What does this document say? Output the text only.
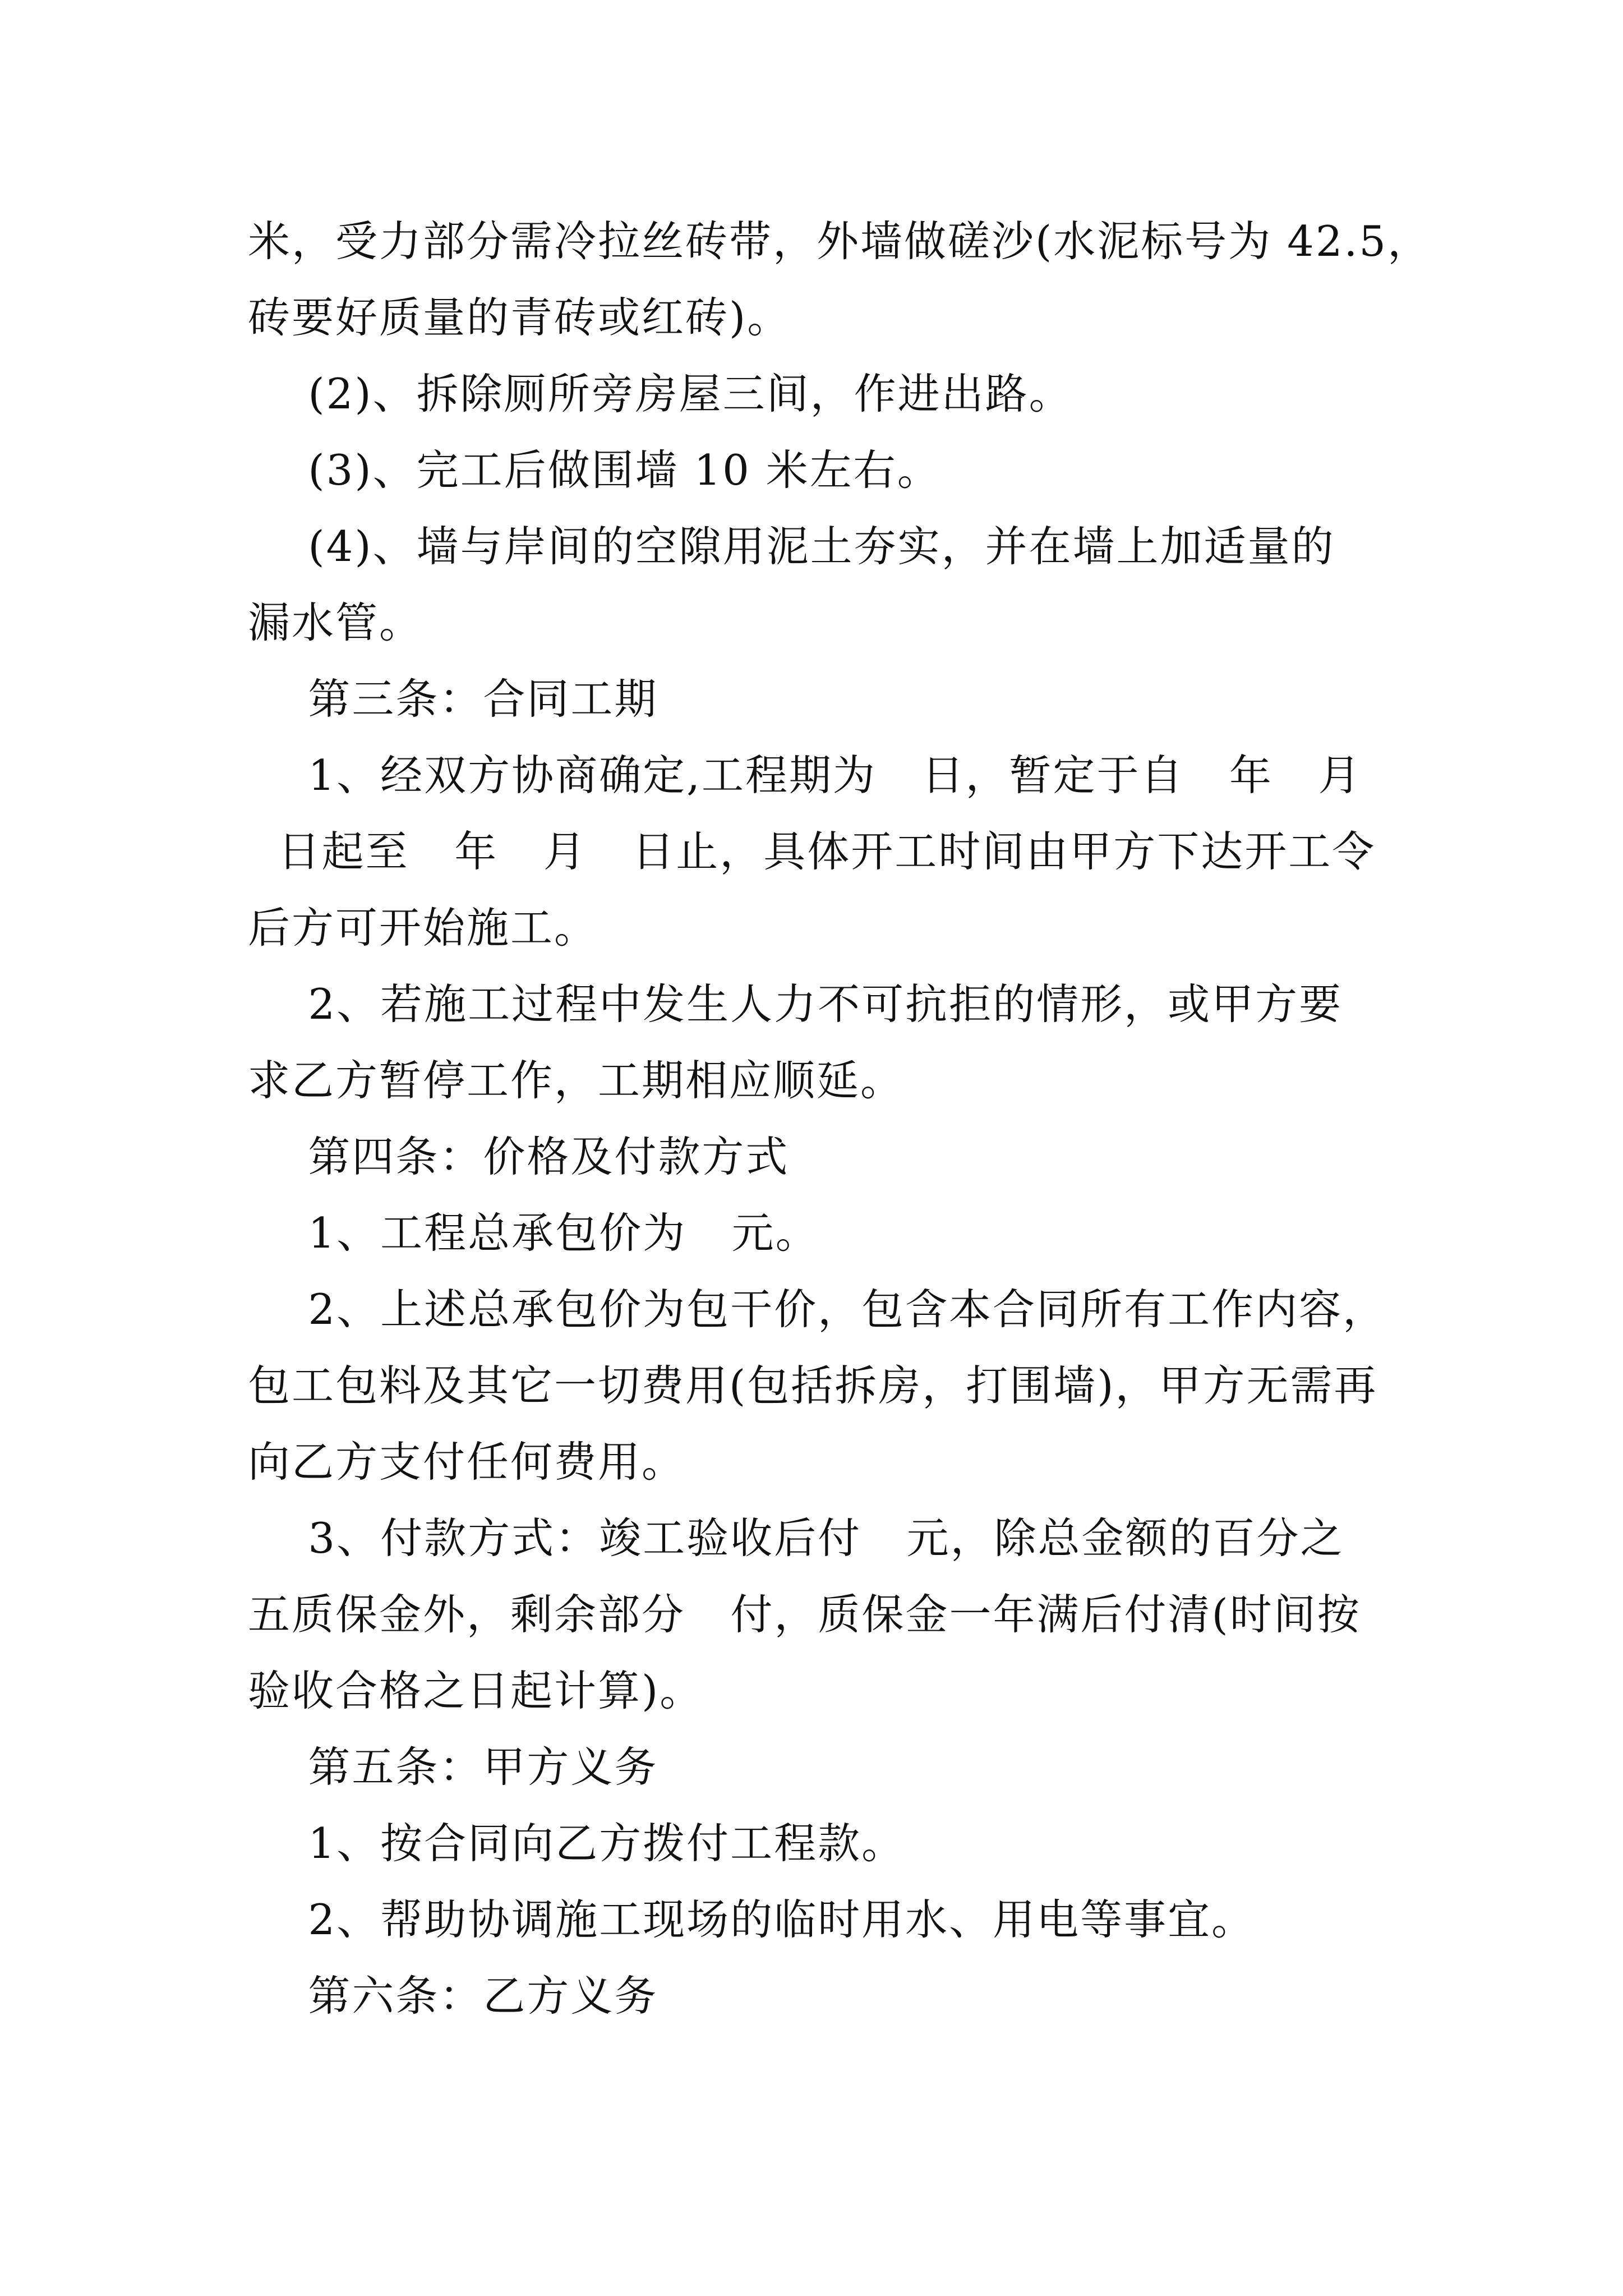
米，受力部分需冷拉丝砖带，外墙做磋沙(水泥标号为 42.5，
砖要好质量的青砖或红砖)。
(2)、拆除厕所旁房屋三间，作进出路。
(3)、完工后做围墙 10 米左右。
(4)、墙与岸间的空隙用泥土夯实，并在墙上加适量的
漏水管。
第三条：合同工期
1、经双方协商确定,工程期为   日，暂定于自   年   月
日起至   年   月   日止，具体开工时间由甲方下达开工令
后方可开始施工。
2、若施工过程中发生人力不可抗拒的情形，或甲方要
求乙方暂停工作，工期相应顺延。
第四条：价格及付款方式
1、工程总承包价为   元。
2、上述总承包价为包干价，包含本合同所有工作内容，
包工包料及其它一切费用(包括拆房，打围墙)，甲方无需再
向乙方支付任何费用。
3、付款方式：竣工验收后付   元，除总金额的百分之
五质保金外，剩余部分   付，质保金一年满后付清(时间按
验收合格之日起计算)。
第五条：甲方义务
1、按合同向乙方拨付工程款。
2、帮助协调施工现场的临时用水、用电等事宜。
第六条：乙方义务
